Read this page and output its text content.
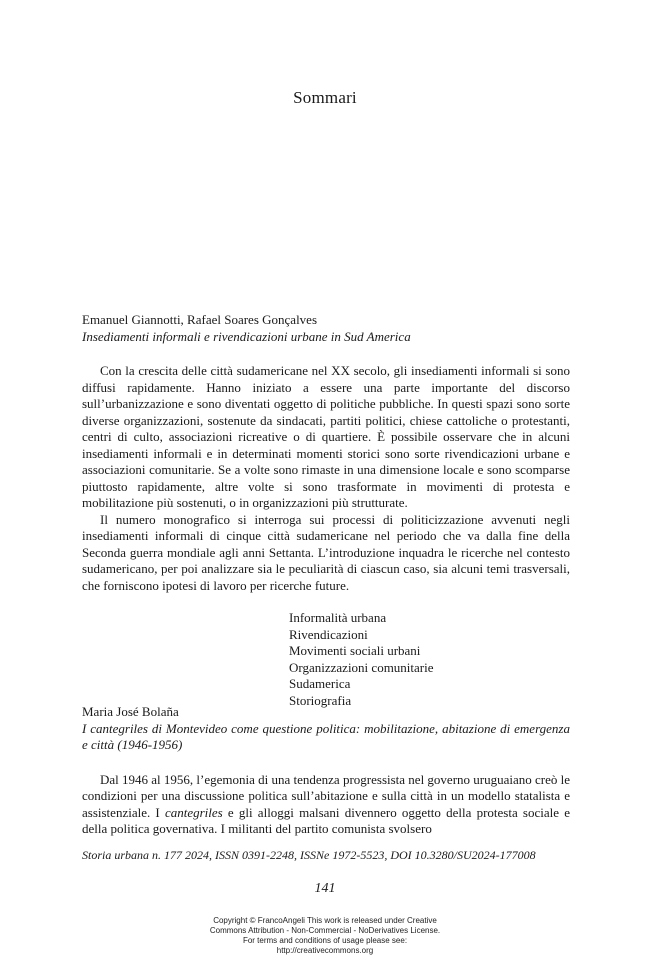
Sommari

Emanuel Giannotti, Rafael Soares Gonçalves

Insediamenti informali e rivendicazioni urbane in Sud America

Con la crescita delle città sudamericane nel XX secolo, gli insediamenti informali si sono diffusi rapidamente. Hanno iniziato a essere una parte importante del discorso sull’urbanizzazione e sono diventati oggetto di politiche pubbliche. In questi spazi sono sorte diverse organizzazioni, sostenute da sindacati, partiti politici, chiese cattoliche o protestanti, centri di culto, associazioni ricreative o di quartiere. È possibile osservare che in alcuni insediamenti informali e in determinati momenti storici sono sorte rivendicazioni urbane e associazioni comunitarie. Se a volte sono rimaste in una dimensione locale e sono scomparse piuttosto rapidamente, altre volte si sono trasformate in movimenti di protesta e mobilitazione più sostenuti, o in organizzazioni più strutturate.

Il numero monografico si interroga sui processi di politicizzazione avvenuti negli insediamenti informali di cinque città sudamericane nel periodo che va dalla fine della Seconda guerra mondiale agli anni Settanta. L’introduzione inquadra le ricerche nel contesto sudamericano, per poi analizzare sia le peculiarità di ciascun caso, sia alcuni temi trasversali, che forniscono ipotesi di lavoro per ricerche future.

Informalità urbana
Rivendicazioni
Movimenti sociali urbani
Organizzazioni comunitarie
Sudamerica
Storiografia

Maria José Bolaña

I cantegriles di Montevideo come questione politica: mobilitazione, abitazione di emergenza e città (1946-1956)

Dal 1946 al 1956, l’egemonia di una tendenza progressista nel governo uruguaiano creò le condizioni per una discussione politica sull’abitazione e sulla città in un modello statalista e assistenziale. I cantegriles e gli alloggi malsani divennero oggetto della protesta sociale e della politica governativa. I militanti del partito comunista svolsero

Storia urbana n. 177 2024, ISSN 0391-2248, ISSNe 1972-5523, DOI 10.3280/SU2024-177008
141
Copyright © FrancoAngeli This work is released under Creative
Commons Attribution - Non-Commercial - NoDerivatives License.
For terms and conditions of usage please see:
http://creativecommons.org
